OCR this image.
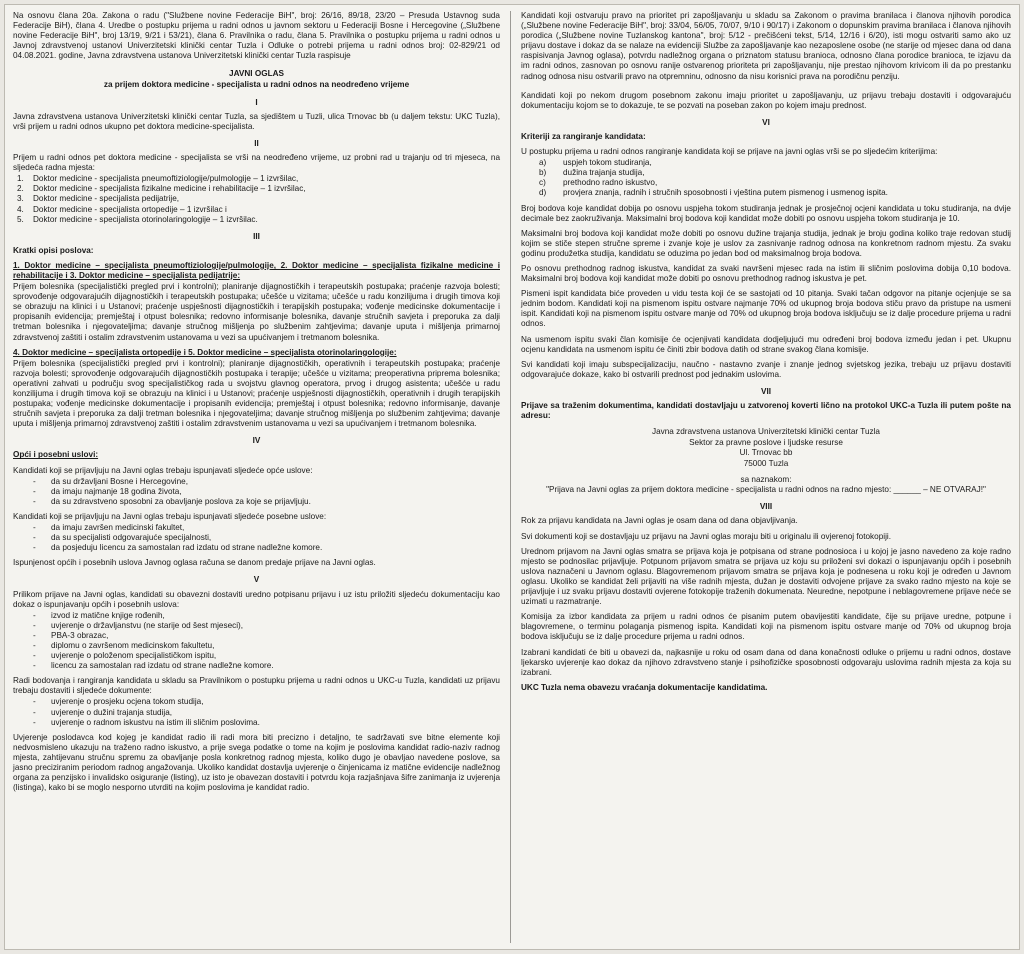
Na osnovu člana 20a. Zakona o radu ("Službene novine Federacije BiH", broj: 26/16, 89/18, 23/20 – Presuda Ustavnog suda Federacije BiH), člana 4. Uredbe o postupku prijema u radni odnos u javnom sektoru u Federaciji Bosne i Hercegovine („Službene novine Federacije BiH", broj 13/19, 9/21 i 53/21), člana 6. Pravilnika o radu, člana 5. Pravilnika o postupku prijema u radni odnos u Javnoj zdravstvenoj ustanovi Univerzitetski klinički centar Tuzla i Odluke o potrebi prijema u radni odnos broj: 02-829/21 od 04.08.2021. godine, Javna zdravstvena ustanova Univerzitetski klinički centar Tuzla raspisuje

JAVNI OGLAS
za prijem doktora medicine - specijalista u radni odnos na neodređeno vrijeme
I

Javna zdravstvena ustanova Univerzitetski klinički centar Tuzla, sa sjedištem u Tuzli, ulica Trnovac bb (u daljem tekstu: UKC Tuzla), vrši prijem u radni odnos ukupno pet doktora medicine-specijalista.

II

Prijem u radni odnos pet doktora medicine - specijalista se vrši na neodređeno vrijeme, uz probni rad u trajanju od tri mjeseca, na sljedeća radna mjesta:

1. Doktor medicine - specijalista pneumoftiziologije/pulmologije – 1 izvršilac,
2. Doktor medicine - specijalista fizikalne medicine i rehabilitacije – 1 izvršilac,
3. Doktor medicine - specijalista pedijatrije,
4. Doktor medicine - specijalista ortopedije – 1 izvršilac i
5. Doktor medicine - specijalista otorinolaringologije – 1 izvršilac.
III

Kratki opisi poslova:

1. Doktor medicine – specijalista pneumoftiziologije/pulmologije, 2. Doktor medicine – specijalista fizikalne medicine i rehabilitacije i 3. Doktor medicine – specijalista pedijatrije:

Prijem bolesnika (specijalistički pregled prvi i kontrolni); planiranje dijagnostičkih i terapeutskih postupaka; praćenje razvoja bolesti; sprovođenje odgovarajućih dijagnostičkih i terapeutskih postupaka; učešće u vizitama; učešće u radu konzilijuma i drugih timova koji se obrazuju na klinici i u Ustanovi; praćenje uspješnosti dijagnostičkih i terapijskih postupaka; vođenje medicinske dokumentacije i propisanih evidencija; premještaj i otpust bolesnika; redovno informisanje bolesnika, davanje stručnih savjeta i preporuka za dalji tretman bolesnika i njegovateljima; davanje stručnog mišljenja po službenim zahtjevima; davanje uputa i mišljenja primarnoj zdravstvenoj zaštiti i ostalim zdravstvenim ustanovama u vezi sa upućivanjem i tretmanom bolesnika.

4. Doktor medicine – specijalista ortopedije i 5. Doktor medicine – specijalista otorinolaringologije:

Prijem bolesnika (specijalistički pregled prvi i kontrolni); planiranje dijagnostičkih, operativnih i terapeutskih postupaka; praćenje razvoja bolesti; sprovođenje odgovarajućih dijagnostičkih postupaka i terapije; učešće u vizitama; preoperativna priprema bolesnika; operativni zahvati u području svog specijalističkog rada u svojstvu glavnog operatora, prvog i drugog asistenta; učešće u radu konzilijuma i drugih timova koji se obrazuju na klinici i u Ustanovi; praćenje uspješnosti dijagnostičkih, operativnih i drugih terapijskih postupaka; vođenje medicinske dokumentacije i propisanih evidencija; premještaj i otpust bolesnika; redovno informisanje, davanje stručnih savjeta i preporuka za dalji tretman bolesnika i njegovateljima; davanje stručnog mišljenja po službenim zahtjevima; davanje uputa i mišljenja primarnoj zdravstvenoj zaštiti i ostalim zdravstvenim ustanovama u vezi sa upućivanjem i tretmanom bolesnika.

IV

Opći i posebni uslovi:

Kandidati koji se prijavljuju na Javni oglas trebaju ispunjavati sljedeće opće uslove:

- da su državljani Bosne i Hercegovine,
- da imaju najmanje 18 godina života,
- da su zdravstveno sposobni za obavljanje poslova za koje se prijavljuju.

Kandidati koji se prijavljuju na Javni oglas trebaju ispunjavati sljedeće posebne uslove:

- da imaju završen medicinski fakultet,
- da su specijalisti odgovarajuće specijalnosti,
- da posjeduju licencu za samostalan rad izdatu od strane nadležne komore.

Ispunjenost općih i posebnih uslova Javnog oglasa računa se danom predaje prijave na Javni oglas.

V

Prilikom prijave na Javni oglas, kandidati su obavezni dostaviti uredno potpisanu prijavu i uz istu priložiti sljedeću dokumentaciju kao dokaz o ispunjavanju općih i posebnih uslova:

- izvod iz matične knjige rođenih,
- uvjerenje o državljanstvu (ne starije od šest mjeseci),
- PBA-3 obrazac,
- diplomu o završenom medicinskom fakultetu,
- uvjerenje o položenom specijalističkom ispitu,
- licencu za samostalan rad izdatu od strane nadležne komore.

Radi bodovanja i rangiranja kandidata u skladu sa Pravilnikom o postupku prijema u radni odnos u UKC-u Tuzla, kandidati uz prijavu trebaju dostaviti i sljedeće dokumente:

- uvjerenje o prosjeku ocjena tokom studija,
- uvjerenje o dužini trajanja studija,
- uvjerenje o radnom iskustvu na istim ili sličnim poslovima.

Uvjerenje poslodavca kod kojeg je kandidat radio ili radi mora biti precizno i detaljno, te sadržavati sve bitne elemente koji nedvosmisleno ukazuju na traženo radno iskustvo, a prije svega podatke o tome na kojim je poslovima kandidat radio-naziv radnog mjesta, zahtijevanu stručnu spremu za obavljanje posla konkretnog radnog mjesta, koliko dugo je obavljao navedene poslove, sa jasno preciziranim periodom radnog angažovanja. Ukoliko kandidat dostavlja uvjerenje o činjenicama iz matične evidencije nadležnog organa za penzijsko i invalidsko osiguranje (listing), uz isto je obavezan dostaviti i potvrdu koja razjašnjava šifre zanimanja iz uvjerenja (listinga), kako bi se moglo nesporno utvrditi na kojim poslovima je kandidat radio.

Kandidati koji ostvaruju pravo na prioritet pri zapošljavanju u skladu sa Zakonom o pravima branilaca i članova njihovih porodica („Službene novine Federacije BiH", broj: 33/04, 56/05, 70/07, 9/10 i 90/17) i Zakonom o dopunskim pravima branilaca i članova njihovih porodica („Službene novine Tuzlanskog kantona", broj: 5/12 - prečišćeni tekst, 5/14, 12/16 i 6/20), isti mogu ostvariti samo ako uz prijavu dostave i dokaz da se nalaze na evidenciji Službe za zapošljavanje kao nezaposlene osobe (ne starije od mjesec dana od dana raspisivanja Javnog oglasa), potvrdu nadležnog organa o priznatom statusu branioca, odnosno člana porodice branioca, te izjavu da im radni odnos, zasnovan po osnovu ranije ostvarenog prioriteta pri zapošljavanju, nije prestao njihovom krivicom ili da po prestanku radnog odnosa nisu ostvarili pravo na otpremninu, odnosno da nisu korisnici prava na porodičnu penziju.

Kandidati koji po nekom drugom posebnom zakonu imaju prioritet u zapošljavanju, uz prijavu trebaju dostaviti i odgovarajuću dokumentaciju kojom se to dokazuje, te se pozvati na poseban zakon po kojem imaju prednost.

VI

Kriteriji za rangiranje kandidata:

U postupku prijema u radni odnos rangiranje kandidata koji se prijave na javni oglas vrši se po sljedećim kriterijima:

a) uspjeh tokom studiranja,
b) dužina trajanja studija,
c) prethodno radno iskustvo,
d) provjera znanja, radnih i stručnih sposobnosti i vještina putem pismenog i usmenog ispita.

Broj bodova koje kandidat dobija po osnovu uspjeha tokom studiranja jednak je prosječnoj ocjeni kandidata u toku studiranja, na dvije decimale bez zaokruživanja. Maksimalni broj bodova koji kandidat može dobiti po osnovu uspjeha tokom studiranja je 10.

Maksimalni broj bodova koji kandidat može dobiti po osnovu dužine trajanja studija, jednak je broju godina koliko traje redovan studij kojim se stiče stepen stručne spreme i zvanje koje je uslov za zasnivanje radnog odnosa na konkretnom radnom mjestu. Za svaku godinu produžetka studija, kandidatu se oduzima po jedan bod od maksimalnog broja bodova.

Po osnovu prethodnog radnog iskustva, kandidat za svaki navršeni mjesec rada na istim ili sličnim poslovima dobija 0,10 bodova. Maksimalni broj bodova koji kandidat može dobiti po osnovu prethodnog radnog iskustva je pet.

Pismeni ispit kandidata biće proveden u vidu testa koji će se sastojati od 10 pitanja. Svaki tačan odgovor na pitanje ocjenjuje se sa jednim bodom. Kandidati koji na pismenom ispitu ostvare najmanje 70% od ukupnog broja bodova stiču pravo da pristupe na usmeni ispit. Kandidati koji na pismenom ispitu ostvare manje od 70% od ukupnog broja bodova isključuju se iz dalje procedure prijema u radni odnos.

Na usmenom ispitu svaki član komisije će ocjenjivati kandidata dodjeljujući mu određeni broj bodova između jedan i pet. Ukupnu ocjenu kandidata na usmenom ispitu će činiti zbir bodova datih od strane svakog člana komisije.

Svi kandidati koji imaju subspecijalizaciju, naučno - nastavno zvanje i znanje jednog svjetskog jezika, trebaju uz prijavu dostaviti odgovarajuće dokaze, kako bi ostvarili prednost pod jednakim uslovima.

VII

Prijave sa traženim dokumentima, kandidati dostavljaju u zatvorenoj koverti lično na protokol UKC-a Tuzla ili putem pošte na adresu:

Javna zdravstvena ustanova Univerzitetski klinički centar Tuzla
Sektor za pravne poslove i ljudske resurse
Ul. Trnovac bb
75000 Tuzla
sa naznakom:
"Prijava na Javni oglas za prijem doktora medicine - specijalista u radni odnos na radno mjesto: ______ – NE OTVARAJ!"
VIII

Rok za prijavu kandidata na Javni oglas je osam dana od dana objavljivanja.

Svi dokumenti koji se dostavljaju uz prijavu na Javni oglas moraju biti u originalu ili ovjerenoj fotokopiji.

Urednom prijavom na Javni oglas smatra se prijava koja je potpisana od strane podnosioca i u kojoj je jasno navedeno za koje radno mjesto se podnosilac prijavljuje. Potpunom prijavom smatra se prijava uz koju su priloženi svi dokazi o ispunjavanju općih i posebnih uslova naznačeni u Javnom oglasu. Blagovremenom prijavom smatra se prijava koja je podnesena u roku koji je određen u Javnom oglasu. Ukoliko se kandidat želi prijaviti na više radnih mjesta, dužan je dostaviti odvojene prijave za svako radno mjesto na koje se prijavljuje i uz svaku prijavu dostaviti ovjerene fotokopije traženih dokumenata. Neuredne, nepotpune i neblagovremene prijave neće se uzimati u razmatranje.

Komisija za izbor kandidata za prijem u radni odnos će pisanim putem obavijestiti kandidate, čije su prijave uredne, potpune i blagovremene, o terminu polaganja pismenog ispita. Kandidati koji na pismenom ispitu ostvare manje od 70% od ukupnog broja bodova isključuju se iz dalje procedure prijema u radni odnos.

Izabrani kandidati će biti u obavezi da, najkasnije u roku od osam dana od dana konačnosti odluke o prijemu u radni odnos, dostave ljekarsko uvjerenje kao dokaz da njihovo zdravstveno stanje i psihofizičke sposobnosti odgovaraju uslovima radnih mjesta za koja su izabrani.

UKC Tuzla nema obavezu vraćanja dokumentacije kandidatima.
